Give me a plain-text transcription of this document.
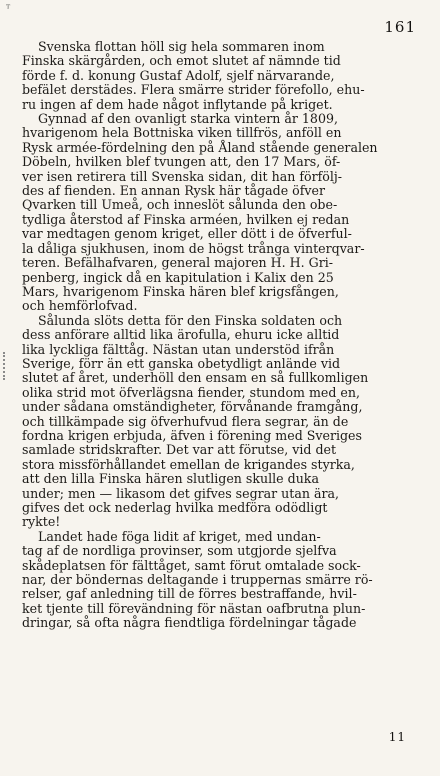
ᵀ
161

Svenska flottan höll sig hela sommaren inom
Finska skärgården, och emot slutet af nämnde tid
förde f. d. konung Gustaf Adolf, sjelf närvarande,
befälet derstädes. Flera smärre strider förefollo, ehu-
ru ingen af dem hade något inflytande på kriget.

Gynnad af den ovanligt starka vintern år 1809,
hvarigenom hela Bottniska viken tillfrös, anföll en
Rysk armée-fördelning den på Åland stående generalen
Döbeln, hvilken blef tvungen att, den 17 Mars, öf-
ver isen retirera till Svenska sidan, dit han förfölj-
des af fienden. En annan Rysk här tågade öfver
Qvarken till Umeå, och inneslöt sålunda den obe-
tydliga återstod af Finska arméen, hvilken ej redan
var medtagen genom kriget, eller dött i de öfverful-
la dåliga sjukhusen, inom de högst trånga vinterqvar-
teren. Befälhafvaren, general majoren H. H. Gri-
penberg, ingick då en kapitulation i Kalix den 25
Mars, hvarigenom Finska hären blef krigsfången,
och hemförlofvad.

Sålunda slöts detta för den Finska soldaten och
dess anförare alltid lika ärofulla, ehuru icke alltid
lika lyckliga fälttåg. Nästan utan understöd ifrån
Sverige, förr än ett ganska obetydligt anlände vid
slutet af året, underhöll den ensam en så fullkomligen
olika strid mot öfverlägsna fiender, stundom med en,
under sådana omständigheter, förvånande framgång,
och tillkämpade sig öfverhufvud flera segrar, än de
fordna krigen erbjuda, äfven i förening med Sveriges
samlade stridskrafter. Det var att förutse, vid det
stora missförhållandet emellan de krigandes styrka,
att den lilla Finska hären slutligen skulle duka
under; men — likasom det gifves segrar utan ära,
gifves det ock nederlag hvilka medföra odödligt
rykte!

Landet hade föga lidit af kriget, med undan-
tag af de nordliga provinser, som utgjorde sjelfva
skådeplatsen för fälttåget, samt förut omtalade sock-
nar, der böndernas deltagande i truppernas smärre rö-
relser, gaf anledning till de förres bestraffande, hvil-
ket tjente till förevändning för nästan oafbrutna plun-
dringar, så ofta några fiendtliga fördelningar tågade

11
